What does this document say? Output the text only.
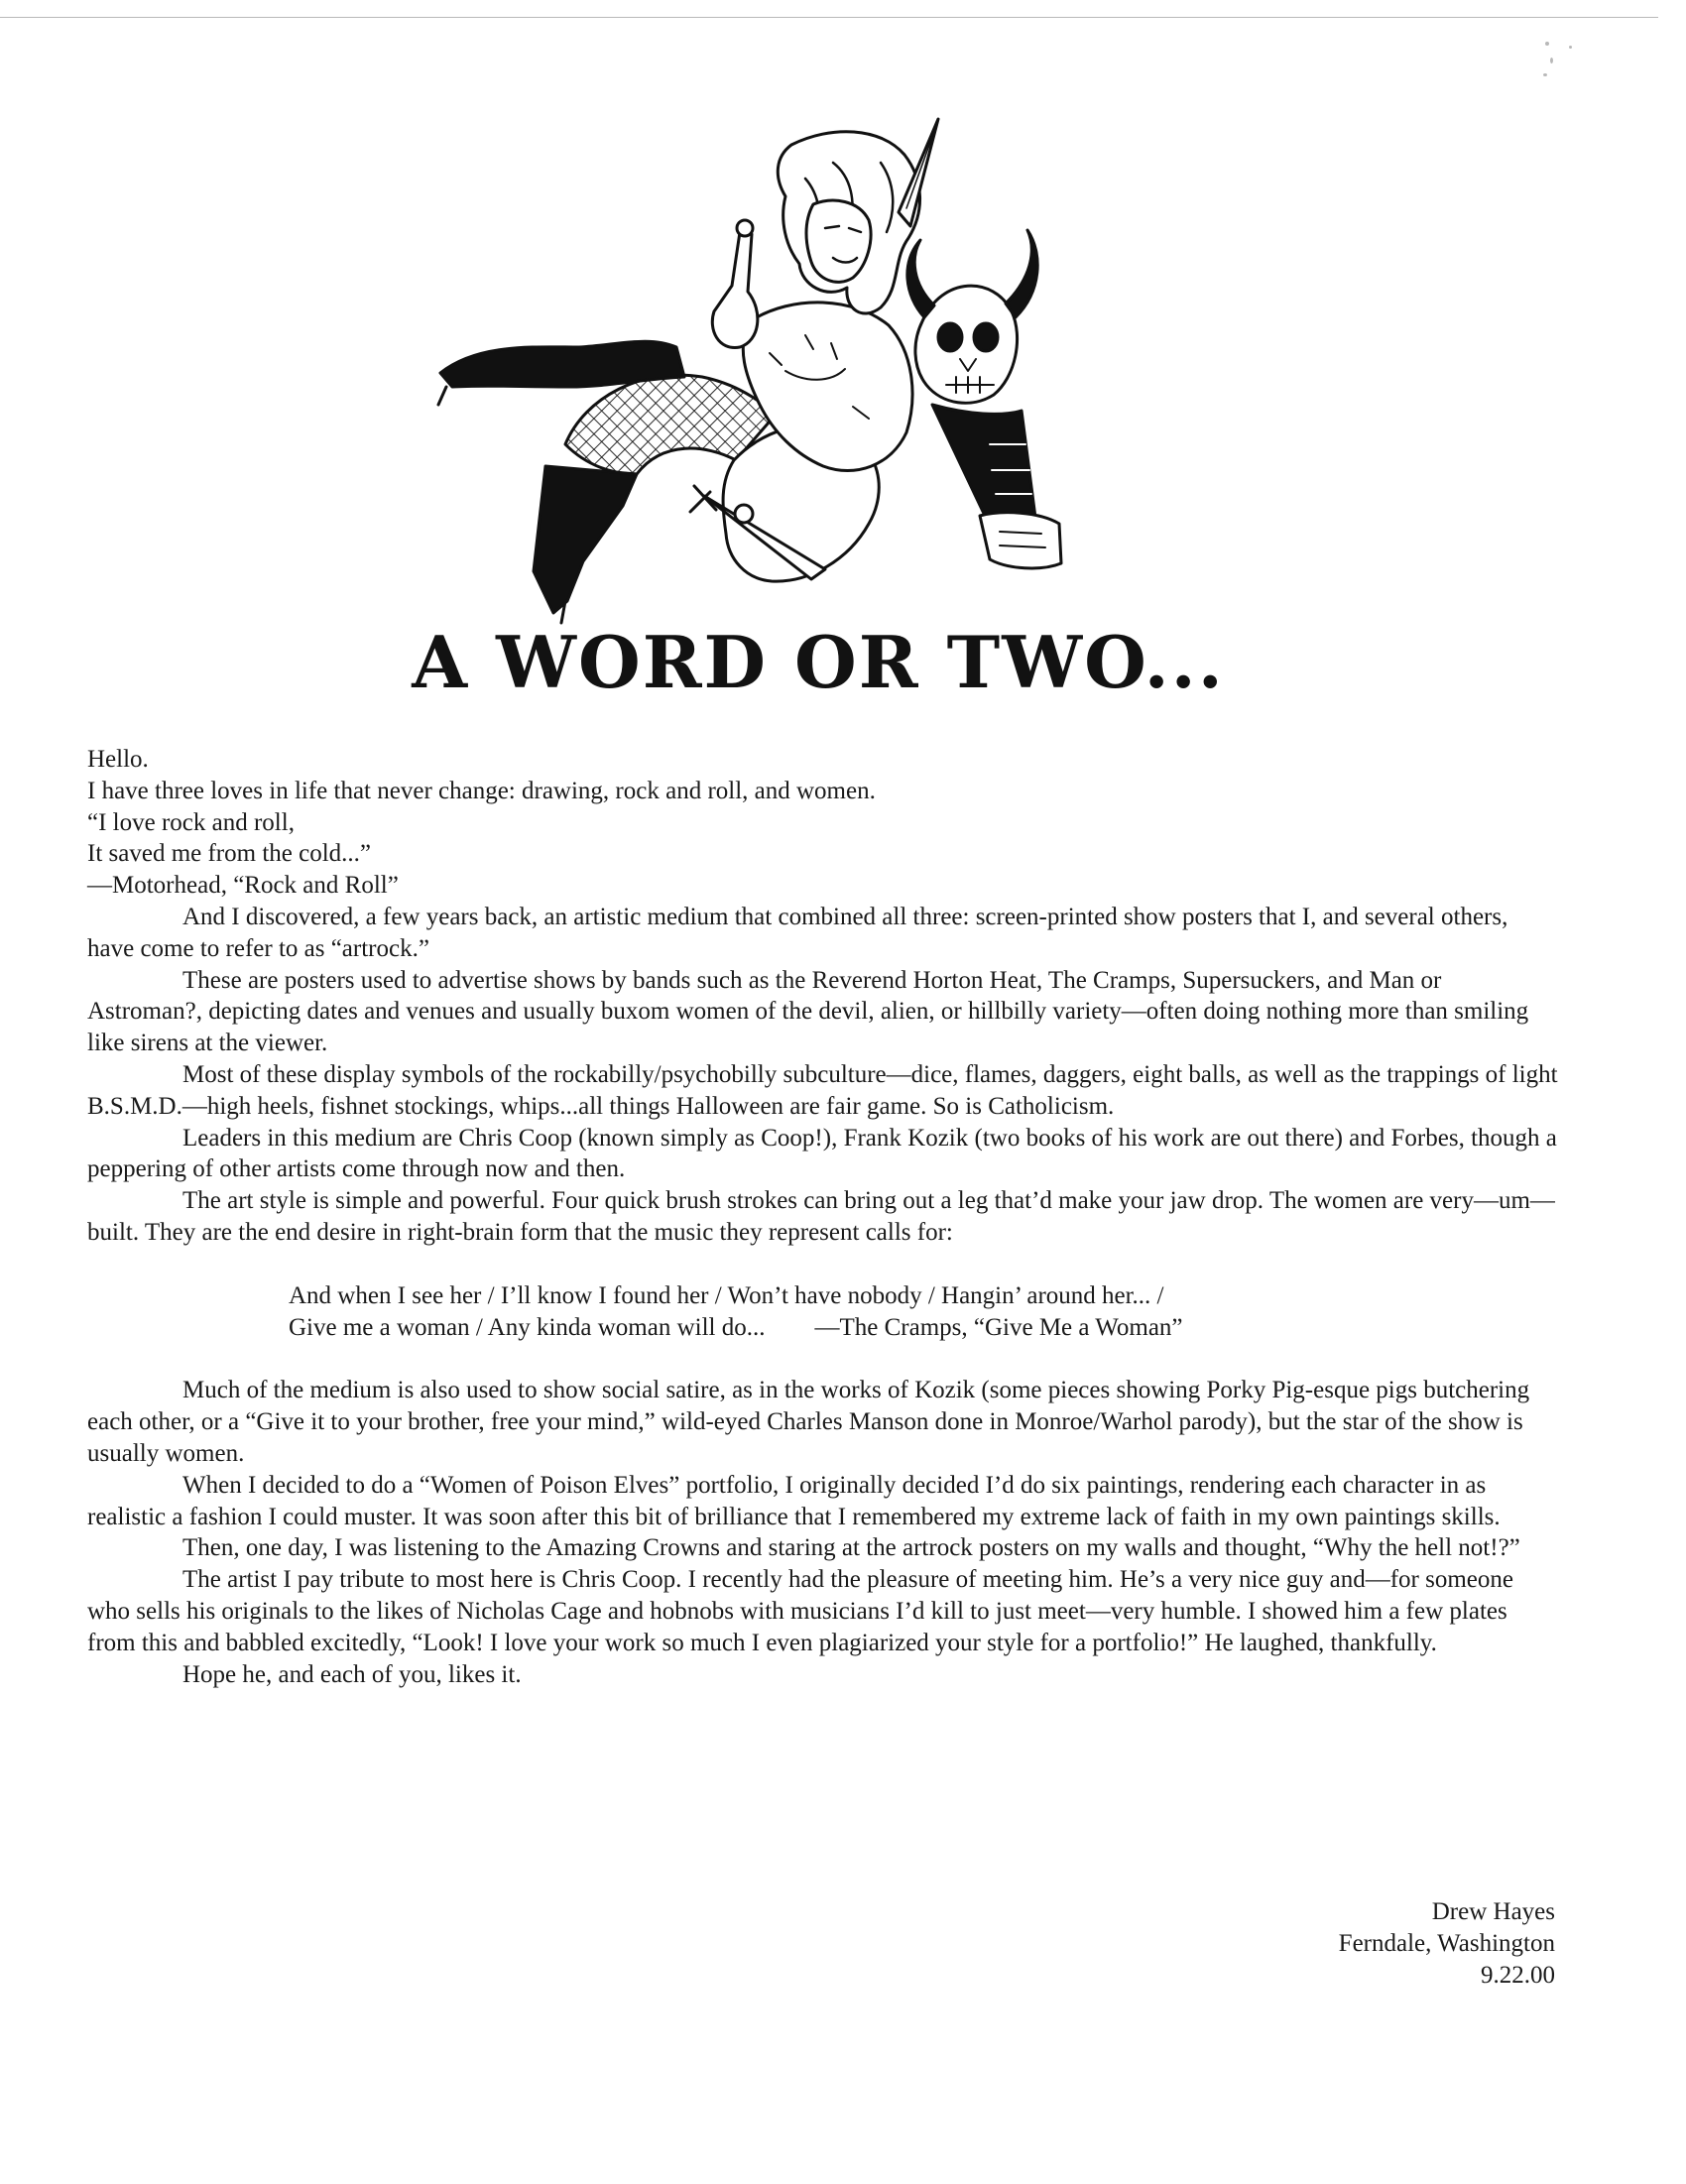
A WORD OR TWO...

Hello.

I have three loves in life that never change: drawing, rock and roll, and women.

“I love rock and roll,

It saved me from the cold...”

—Motorhead, “Rock and Roll”

And I discovered, a few years back, an artistic medium that combined all three: screen-printed show posters that I, and several others, have come to refer to as “artrock.”

These are posters used to advertise shows by bands such as the Reverend Horton Heat, The Cramps, Supersuckers, and Man or Astroman?, depicting dates and venues and usually buxom women of the devil, alien, or hillbilly variety—often doing nothing more than smiling like sirens at the viewer.

Most of these display symbols of the rockabilly/psychobilly subculture—dice, flames, daggers, eight balls, as well as the trappings of light B.S.M.D.—high heels, fishnet stockings, whips...all things Halloween are fair game. So is Catholicism.

Leaders in this medium are Chris Coop (known simply as Coop!), Frank Kozik (two books of his work are out there) and Forbes, though a peppering of other artists come through now and then.

The art style is simple and powerful. Four quick brush strokes can bring out a leg that’d make your jaw drop. The women are very—um—built. They are the end desire in right-brain form that the music they represent calls for:

And when I see her / I’ll know I found her / Won’t have nobody / Hangin’ around her... /

Give me a woman / Any kinda woman will do... —The Cramps, “Give Me a Woman”

Much of the medium is also used to show social satire, as in the works of Kozik (some pieces showing Porky Pig-esque pigs butchering each other, or a “Give it to your brother, free your mind,” wild-eyed Charles Manson done in Monroe/Warhol parody), but the star of the show is usually women.

When I decided to do a “Women of Poison Elves” portfolio, I originally decided I’d do six paintings, rendering each character in as realistic a fashion I could muster. It was soon after this bit of brilliance that I remembered my extreme lack of faith in my own paintings skills.

Then, one day, I was listening to the Amazing Crowns and staring at the artrock posters on my walls and thought, “Why the hell not!?”

The artist I pay tribute to most here is Chris Coop. I recently had the pleasure of meeting him. He’s a very nice guy and—for someone who sells his originals to the likes of Nicholas Cage and hobnobs with musicians I’d kill to just meet—very humble. I showed him a few plates from this and babbled excitedly, “Look! I love your work so much I even plagiarized your style for a portfolio!” He laughed, thankfully.

Hope he, and each of you, likes it.

Drew Hayes
Ferndale, Washington
9.22.00
